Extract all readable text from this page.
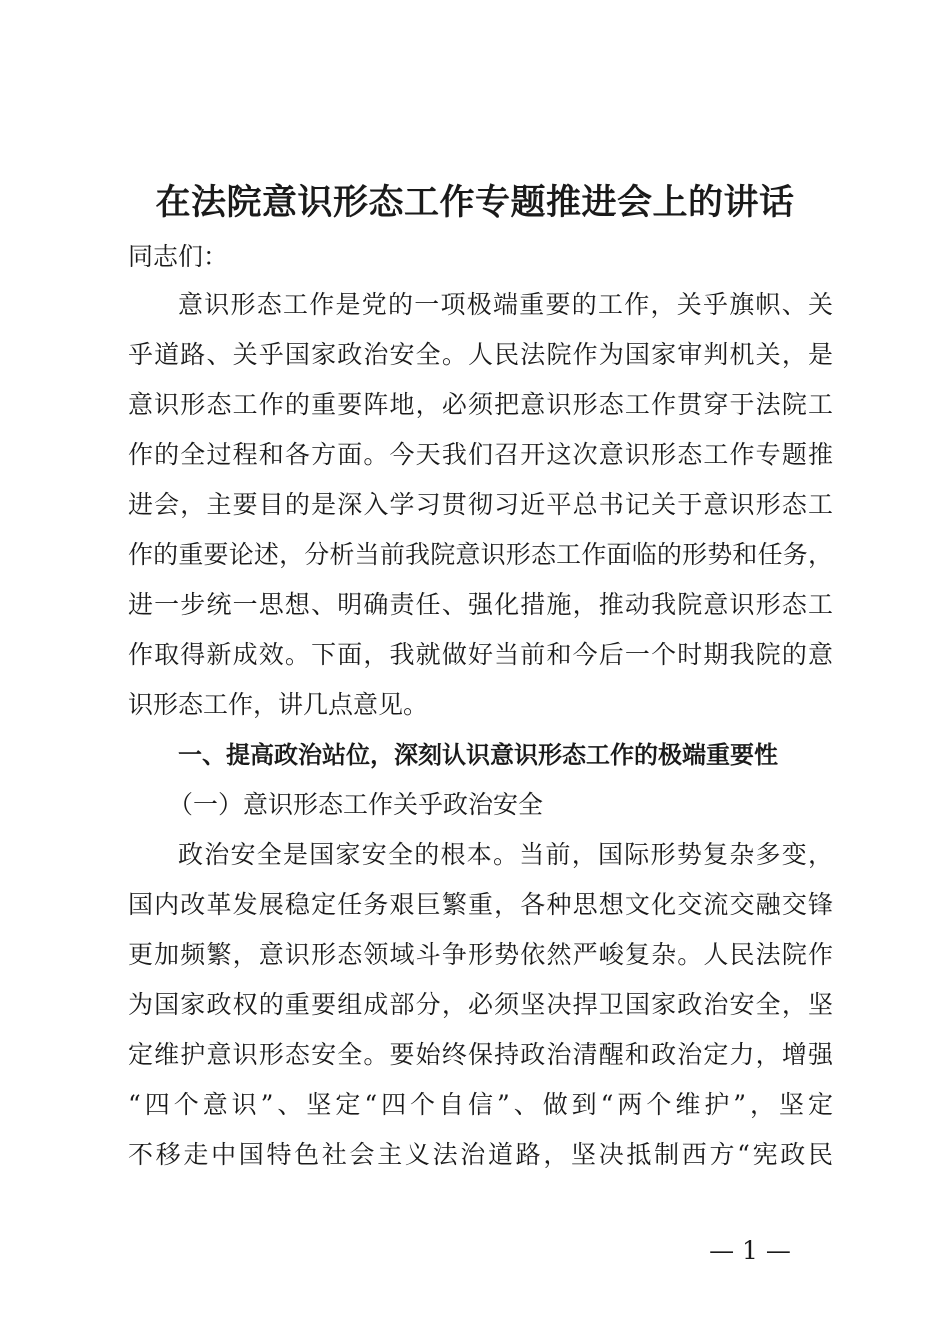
在法院意识形态工作专题推进会上的讲话

同志们：

意识形态工作是党的一项极端重要的工作，关乎旗帜、关

乎道路、关乎国家政治安全。人民法院作为国家审判机关，是

意识形态工作的重要阵地，必须把意识形态工作贯穿于法院工

作的全过程和各方面。今天我们召开这次意识形态工作专题推

进会，主要目的是深入学习贯彻习近平总书记关于意识形态工

作的重要论述，分析当前我院意识形态工作面临的形势和任务，

进一步统一思想、明确责任、强化措施，推动我院意识形态工

作取得新成效。下面，我就做好当前和今后一个时期我院的意

识形态工作，讲几点意见。

一、提高政治站位，深刻认识意识形态工作的极端重要性

（一）意识形态工作关乎政治安全

政治安全是国家安全的根本。当前，国际形势复杂多变，

国内改革发展稳定任务艰巨繁重，各种思想文化交流交融交锋

更加频繁，意识形态领域斗争形势依然严峻复杂。人民法院作

为国家政权的重要组成部分，必须坚决捍卫国家政治安全，坚

定维护意识形态安全。要始终保持政治清醒和政治定力，增强

“四个意识”、坚定“四个自信”、做到“两个维护”，坚定

不移走中国特色社会主义法治道路，坚决抵制西方“宪政民

— 1 —
